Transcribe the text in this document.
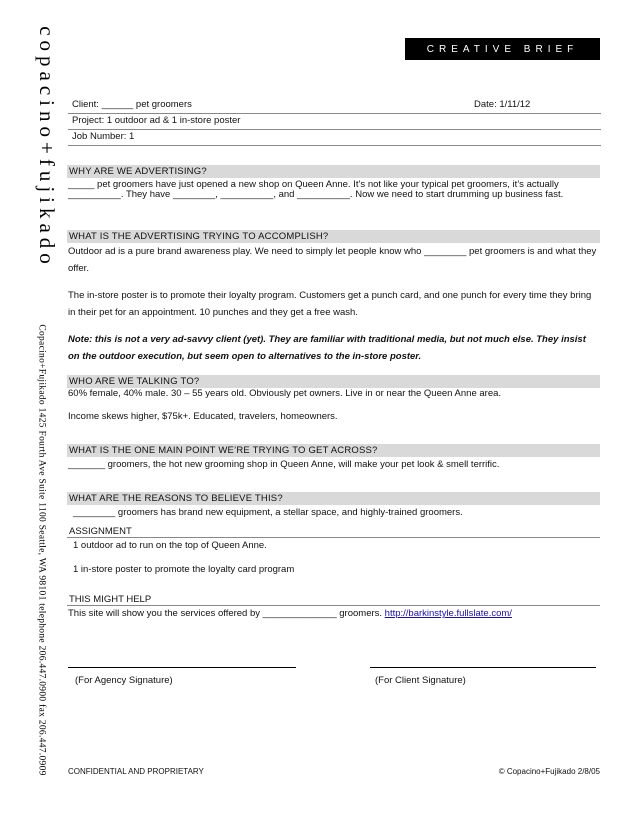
copacino+fujikado
Copacino+Fujikado 1425 Fourth Ave Suite 1100 Seattle, WA 98101 telephone 206.447.0900 fax 206.447.0909
CREATIVE BRIEF
Client: ______ pet groomers	Date: 1/11/12
Project: 1 outdoor ad & 1 in-store poster
Job Number: 1
WHY ARE WE ADVERTISING?

_____ pet groomers have just opened a new shop on Queen Anne. It’s not like your typical pet groomers, it’s actually __________. They have ________, __________, and __________. Now we need to start drumming up business fast.

WHAT IS THE ADVERTISING TRYING TO ACCOMPLISH?

Outdoor ad is a pure brand awareness play. We need to simply let people know who ________ pet groomers is and what they offer.

The in-store poster is to promote their loyalty program. Customers get a punch card, and one punch for every time they bring in their pet for an appointment. 10 punches and they get a free wash.

Note: this is not a very ad-savvy client (yet). They are familiar with traditional media, but not much else. They insist on the outdoor execution, but seem open to alternatives to the in-store poster.

WHO ARE WE TALKING TO?

60% female, 40% male. 30 – 55 years old. Obviously pet owners. Live in or near the Queen Anne area.

Income skews higher, $75k+. Educated, travelers, homeowners.

WHAT IS THE ONE MAIN POINT WE’RE TRYING TO GET ACROSS?

_______ groomers, the hot new grooming shop in Queen Anne, will make your pet look & smell terrific.

WHAT ARE THE REASONS TO BELIEVE THIS?

________ groomers has brand new equipment, a stellar space, and highly-trained groomers.

ASSIGNMENT

1 outdoor ad to run on the top of Queen Anne.

1 in-store poster to promote the loyalty card program

THIS MIGHT HELP

This site will show you the services offered by ______________ groomers. http://barkinstyle.fullslate.com/

(For Agency Signature)	(For Client Signature)
CONFIDENTIAL AND PROPRIETARY	© Copacino+Fujikado 2/8/05
